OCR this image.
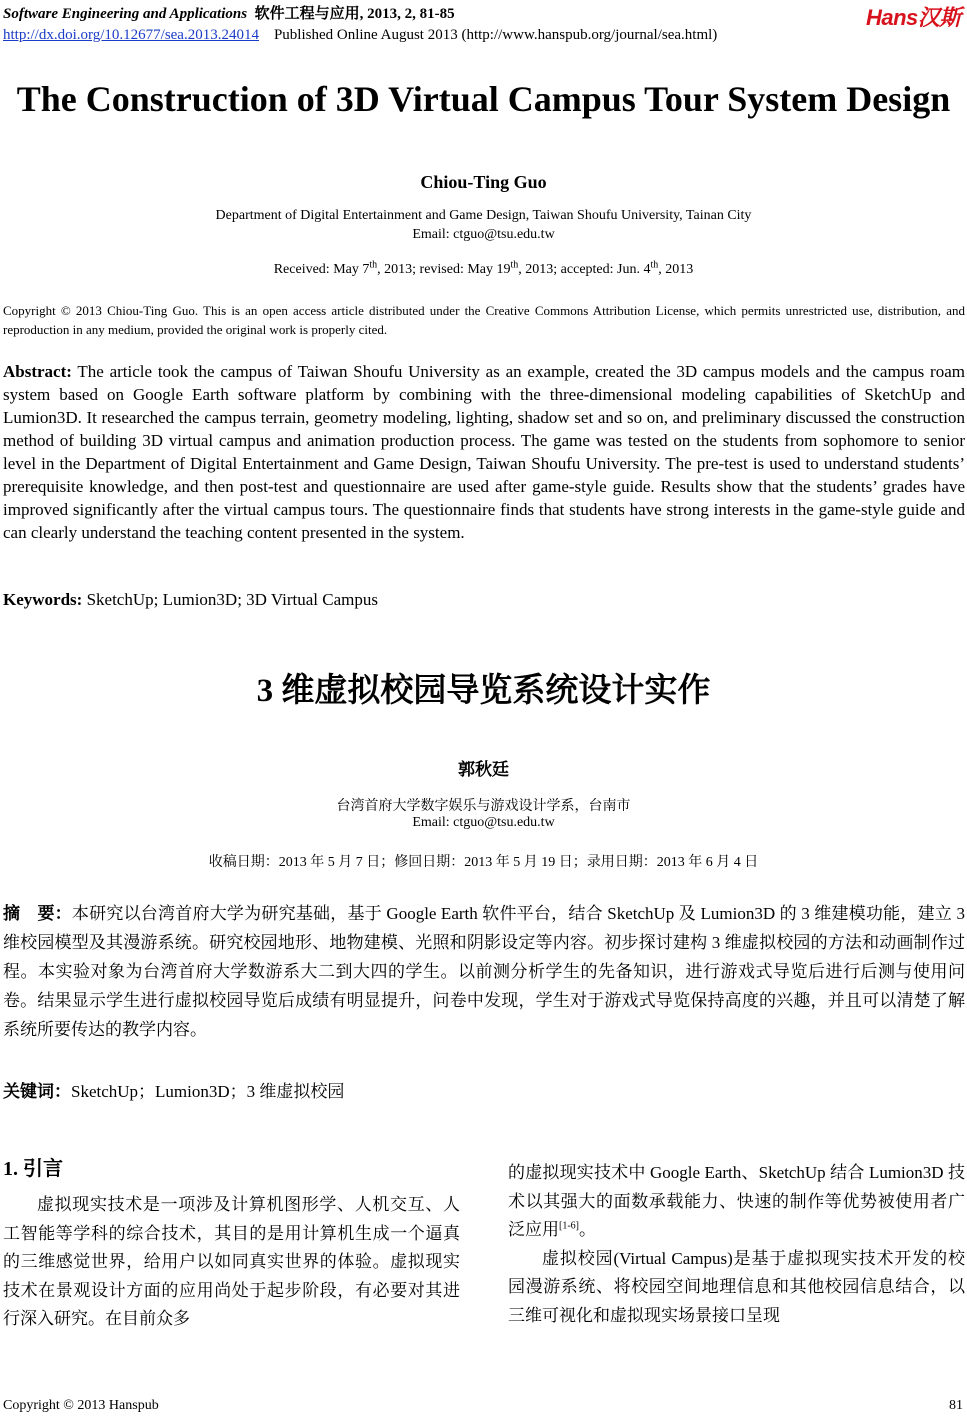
Software Engineering and Applications 软件工程与应用, 2013, 2, 81-85
http://dx.doi.org/10.12677/sea.2013.24014 Published Online August 2013 (http://www.hanspub.org/journal/sea.html)
Hans汉斯
The Construction of 3D Virtual Campus Tour System Design
Chiou-Ting Guo
Department of Digital Entertainment and Game Design, Taiwan Shoufu University, Tainan City
Email: ctguo@tsu.edu.tw
Received: May 7th, 2013; revised: May 19th, 2013; accepted: Jun. 4th, 2013
Copyright © 2013 Chiou-Ting Guo. This is an open access article distributed under the Creative Commons Attribution License, which permits unrestricted use, distribution, and reproduction in any medium, provided the original work is properly cited.
Abstract: The article took the campus of Taiwan Shoufu University as an example, created the 3D campus models and the campus roam system based on Google Earth software platform by combining with the three-dimensional modeling capabilities of SketchUp and Lumion3D. It researched the campus terrain, geometry modeling, lighting, shadow set and so on, and preliminary discussed the construction method of building 3D virtual campus and animation production process. The game was tested on the students from sophomore to senior level in the Department of Digital Entertainment and Game Design, Taiwan Shoufu University. The pre-test is used to understand students’ prerequisite knowledge, and then post-test and questionnaire are used after game-style guide. Results show that the students’ grades have improved significantly after the virtual campus tours. The questionnaire finds that students have strong interests in the game-style guide and can clearly understand the teaching content presented in the system.
Keywords: SketchUp; Lumion3D; 3D Virtual Campus
3 维虚拟校园导览系统设计实作
郭秋廷
台湾首府大学数字娱乐与游戏设计学系，台南市
Email: ctguo@tsu.edu.tw
收稿日期：2013 年 5 月 7 日；修回日期：2013 年 5 月 19 日；录用日期：2013 年 6 月 4 日
摘　要：本研究以台湾首府大学为研究基础，基于 Google Earth 软件平台，结合 SketchUp 及 Lumion3D 的 3 维建模功能，建立 3 维校园模型及其漫游系统。研究校园地形、地物建模、光照和阴影设定等内容。初步探讨建构 3 维虚拟校园的方法和动画制作过程。本实验对象为台湾首府大学数游系大二到大四的学生。以前测分析学生的先备知识，进行游戏式导览后进行后测与使用问卷。结果显示学生进行虚拟校园导览后成绩有明显提升，问卷中发现，学生对于游戏式导览保持高度的兴趣，并且可以清楚了解系统所要传达的教学内容。
关键词：SketchUp；Lumion3D；3 维虚拟校园
1. 引言
虚拟现实技术是一项涉及计算机图形学、人机交互、人工智能等学科的综合技术，其目的是用计算机生成一个逼真的三维感觉世界，给用户以如同真实世界的体验。虚拟现实技术在景观设计方面的应用尚处于起步阶段，有必要对其进行深入研究。在目前众多
的虚拟现实技术中 Google Earth、SketchUp 结合 Lumion3D 技术以其强大的面数承载能力、快速的制作等优势被使用者广泛应用[1-6]。
虚拟校园(Virtual Campus)是基于虚拟现实技术开发的校园漫游系统、将校园空间地理信息和其他校园信息结合，以三维可视化和虚拟现实场景接口呈现
Copyright © 2013 Hanspub	81
